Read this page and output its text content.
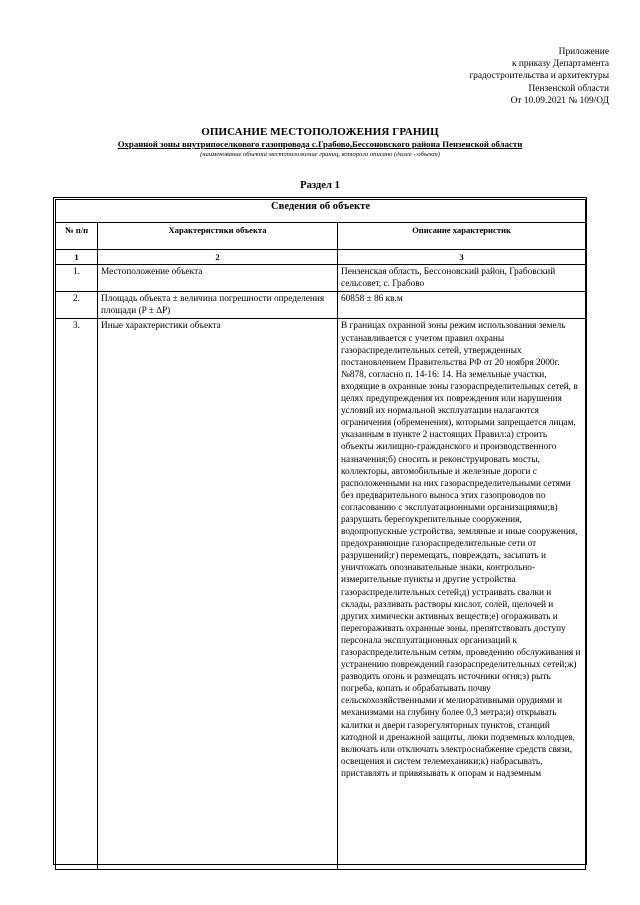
Приложение
к приказу Департамента
градостроительства и архитектуры
Пензенской области
От 10.09.2021 № 109/ОД
ОПИСАНИЕ МЕСТОПОЛОЖЕНИЯ ГРАНИЦ
Охранной зоны внутрипоселкового газопровода с.Грабово,Бессоновского района Пензенской области
(наименование объекта местоположение границ, которого описано (далее - объект)
Раздел 1
Сведения об объекте		
№ п/п	Характеристики объекта	Описание характеристик
1	2	3
1.	Местоположение объекта	Пензенская область, Бессоновский район, Грабовский сельсовет, с. Грабово
2.	Площадь объекта ± величина погрешности определения площади (P ± ∆P)	60858 ± 86 кв.м
3.	Иные характеристики объекта	В границах охранной зоны режим использования земель устанавливается с учетом правил охраны газораспределительных сетей, утвержденных постановлением Правительства РФ от 20 ноября 2000г. №878, согласно п. 14-16: 14. На земельные участки, входящие в охранные зоны газораспределительных сетей, в целях предупреждения их повреждения или нарушения условий их нормальной эксплуатации налагаются ограничения (обременения), которыми запрещается лицам, указанным в пункте 2 настоящих Правил:а) строить объекты жилищно-гражданского и производственного назначения;б) сносить и реконструировать мосты, коллекторы, автомобильные и железные дороги с расположенными на них газораспределительными сетями без предварительного выноса этих газопроводов по согласованию с эксплуатационными организациями;в) разрушать берегоукрепительные сооружения, водопропускные устройства, земляные и иные сооружения, предохраняющие газораспределительные сети от разрушений;г) перемещать, повреждать, засыпать и уничтожать опознавательные знаки, контрольно-измерительные пункты и другие устройства газораспределительных сетей;д) устраивать свалки и склады, разливать растворы кислот, солей, щелочей и других химически активных веществ;е) огораживать и перегораживать охранные зоны, препятствовать доступу персонала эксплуатационных организаций к газораспределительным сетям, проведению обслуживания и устранению повреждений газораспределительных сетей;ж) разводить огонь и размещать источники огня;з) рыть погреба, копать и обрабатывать почву сельскохозяйственными и мелиоративными орудиями и механизмами на глубину более 0,3 метра;и) открывать калитки и двери газорегуляторных пунктов, станций катодной и дренажной защиты, люки подземных колодцев, включать или отключать электроснабжение средств связи, освещения и систем телемеханики;к) набрасывать, приставлять и привязывать к опорам и надземным
